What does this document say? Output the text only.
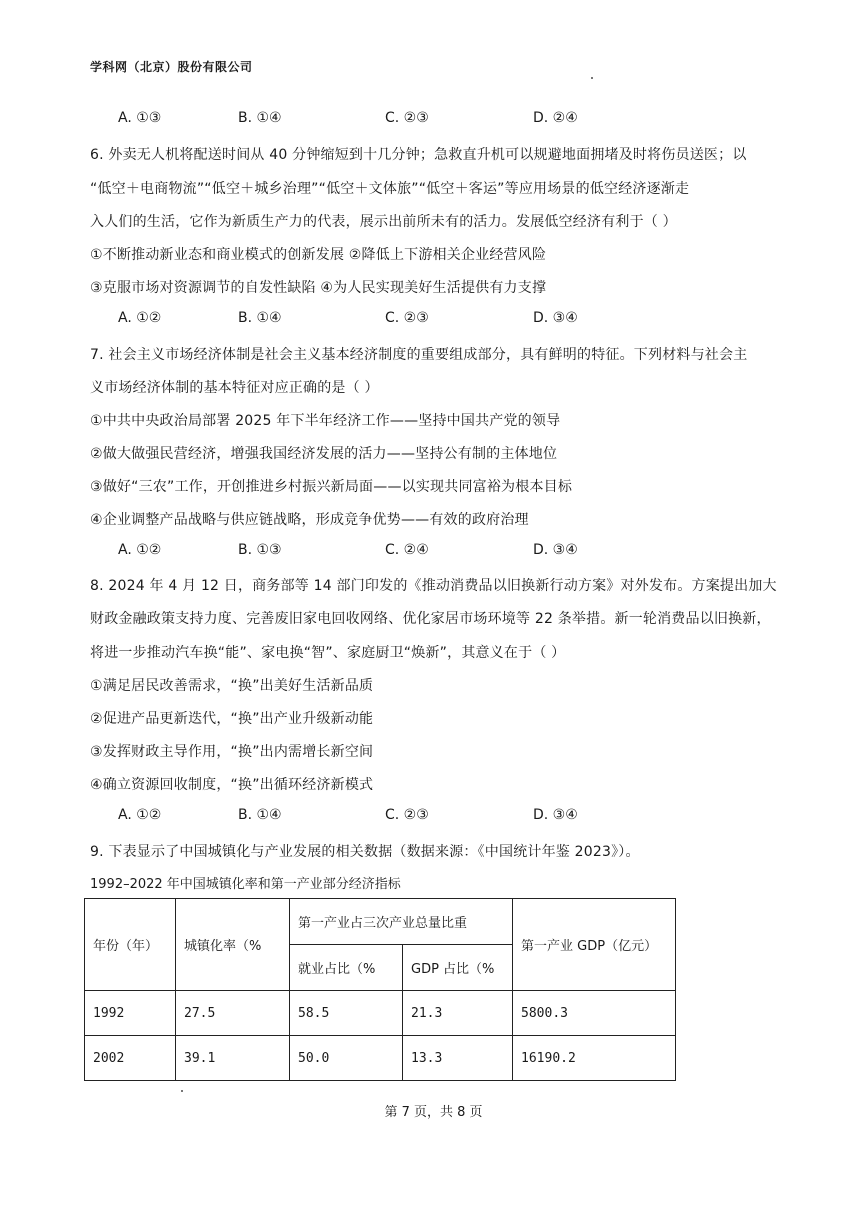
学科网（北京）股份有限公司
A. ①③	B. ①④	C. ②③	D. ②④
6. 外卖无人机将配送时间从 40 分钟缩短到十几分钟；急救直升机可以规避地面拥堵及时将伤员送医；以
“低空＋电商物流”“低空＋城乡治理”“低空＋文体旅”“低空＋客运”等应用场景的低空经济逐渐走
入人们的生活，它作为新质生产力的代表，展示出前所未有的活力。发展低空经济有利于（ ）
①不断推动新业态和商业模式的创新发展 ②降低上下游相关企业经营风险
③克服市场对资源调节的自发性缺陷 ④为人民实现美好生活提供有力支撑
A. ①②	B. ①④	C. ②③	D. ③④
7. 社会主义市场经济体制是社会主义基本经济制度的重要组成部分，具有鲜明的特征。下列材料与社会主
义市场经济体制的基本特征对应正确的是（ ）
①中共中央政治局部署 2025 年下半年经济工作——坚持中国共产党的领导
②做大做强民营经济，增强我国经济发展的活力——坚持公有制的主体地位
③做好“三农”工作，开创推进乡村振兴新局面——以实现共同富裕为根本目标
④企业调整产品战略与供应链战略，形成竞争优势——有效的政府治理
A. ①②	B. ①③	C. ②④	D. ③④
8. 2024 年 4 月 12 日，商务部等 14 部门印发的《推动消费品以旧换新行动方案》对外发布。方案提出加大
财政金融政策支持力度、完善废旧家电回收网络、优化家居市场环境等 22 条举措。新一轮消费品以旧换新，
将进一步推动汽车换“能”、家电换“智”、家庭厨卫“焕新”，其意义在于（ ）
①满足居民改善需求，“换”出美好生活新品质
②促进产品更新迭代，“换”出产业升级新动能
③发挥财政主导作用，“换”出内需增长新空间
④确立资源回收制度，“换”出循环经济新模式
A. ①②	B. ①④	C. ②③	D. ③④
9. 下表显示了中国城镇化与产业发展的相关数据（数据来源：《中国统计年鉴 2023》）。
1992–2022 年中国城镇化率和第一产业部分经济指标
年份（年）	城镇化率（%	第一产业占三次产业总量比重		第一产业 GDP（亿元）
		就业占比（%	GDP 占比（%	
1992	27.5	58.5	21.3	5800.3
2002	39.1	50.0	13.3	16190.2
第 7 页，共 8 页
